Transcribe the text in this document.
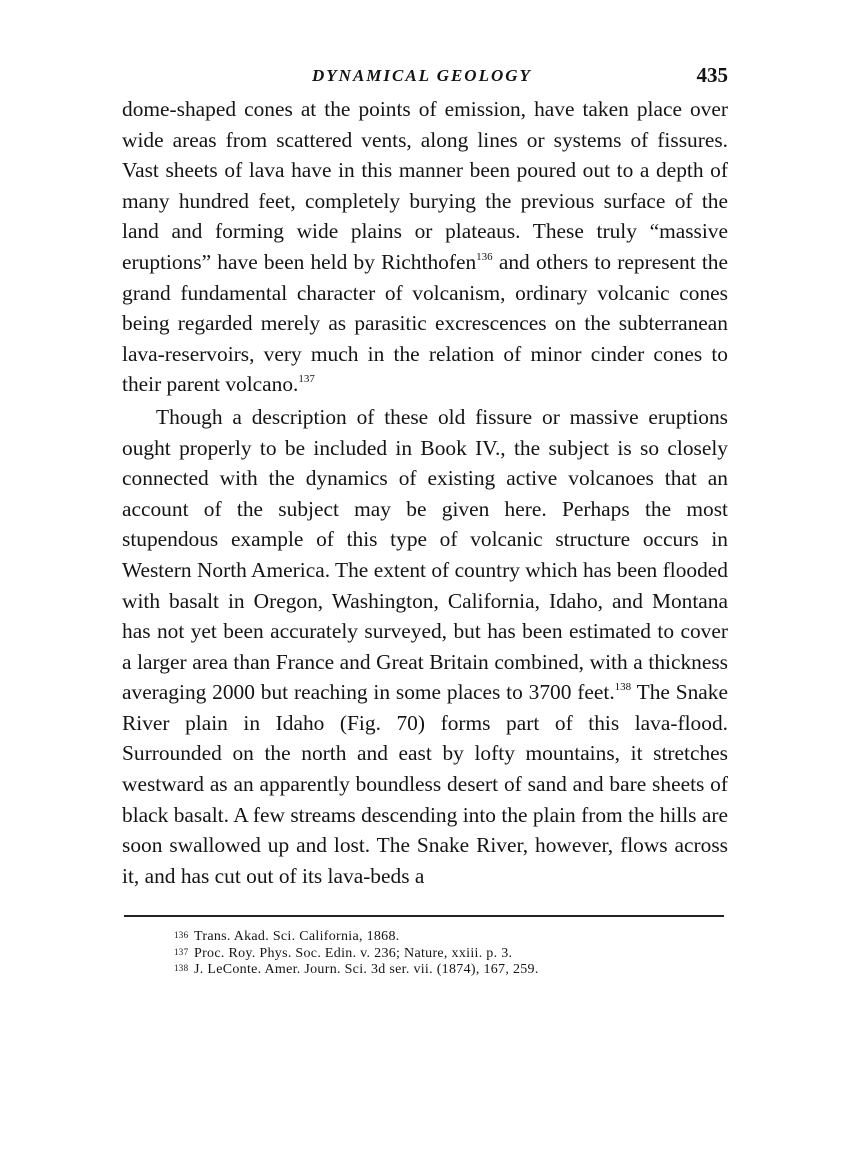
DYNAMICAL GEOLOGY	435

dome-shaped cones at the points of emission, have taken place over wide areas from scattered vents, along lines or systems of fissures. Vast sheets of lava have in this manner been poured out to a depth of many hundred feet, completely burying the previous surface of the land and forming wide plains or plateaus. These truly “massive eruptions” have been held by Richthofen$^{136}$ and others to represent the grand fundamental character of volcanism, ordinary volcanic cones being regarded merely as parasitic excrescences on the subterranean lava-reservoirs, very much in the relation of minor cinder cones to their parent volcano.$^{137}$

Though a description of these old fissure or massive eruptions ought properly to be included in Book IV., the subject is so closely connected with the dynamics of existing active volcanoes that an account of the subject may be given here. Perhaps the most stupendous example of this type of volcanic structure occurs in Western North America. The extent of country which has been flooded with basalt in Oregon, Washington, California, Idaho, and Montana has not yet been accurately surveyed, but has been estimated to cover a larger area than France and Great Britain combined, with a thickness averaging 2000 but reaching in some places to 3700 feet.$^{138}$ The Snake River plain in Idaho (Fig. 70) forms part of this lava-flood. Surrounded on the north and east by lofty mountains, it stretches westward as an apparently boundless desert of sand and bare sheets of black basalt. A few streams descending into the plain from the hills are soon swallowed up and lost. The Snake River, however, flows across it, and has cut out of its lava-beds a

136 Trans. Akad. Sci. California, 1868.
137 Proc. Roy. Phys. Soc. Edin. v. 236; Nature, xxiii. p. 3.
138 J. LeConte. Amer. Journ. Sci. 3d ser. vii. (1874), 167, 259.
